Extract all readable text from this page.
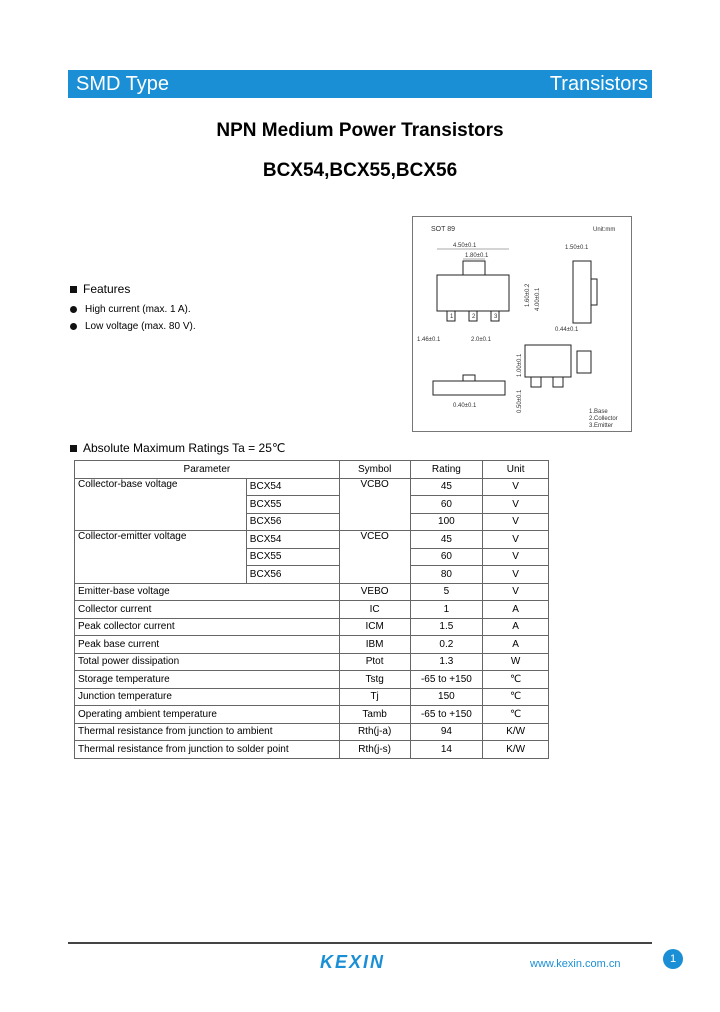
SMD Type	Transistors
NPN Medium Power Transistors
BCX54,BCX55,BCX56
SOT 89	Unit:mm
1	2	3
4.50±0.1
1.80±0.1
1.60±0.2 4.00±0.1
1.46±0.1	2.0±0.1
1.50±0.1
0.44±0.1
0.40±0.1
1.00±0.1
0.50±0.1	1.Base
2.Collector
3.Emitter
Features
High current (max. 1 A).
Low voltage (max. 80 V).
Absolute Maximum Ratings Ta = 25℃
Parameter		Symbol	Rating	Unit
Collector-base voltage	BCX54	VCBO	45	V
	BCX55		60	V
	BCX56		100	V
Collector-emitter voltage	BCX54	VCEO	45	V
	BCX55		60	V
	BCX56		80	V
Emitter-base voltage		VEBO	5	V
Collector current		IC	1	A
Peak collector current		ICM	1.5	A
Peak base current		IBM	0.2	A
Total power dissipation		Ptot	1.3	W
Storage temperature		Tstg	-65 to +150	℃
Junction temperature		Tj	150	℃
Operating ambient temperature		Tamb	-65 to +150	℃
Thermal resistance from junction to ambient		Rth(j-a)	94	K/W
Thermal resistance from junction to solder point		Rth(j-s)	14	K/W
KEXIN	www.kexin.com.cn	1
